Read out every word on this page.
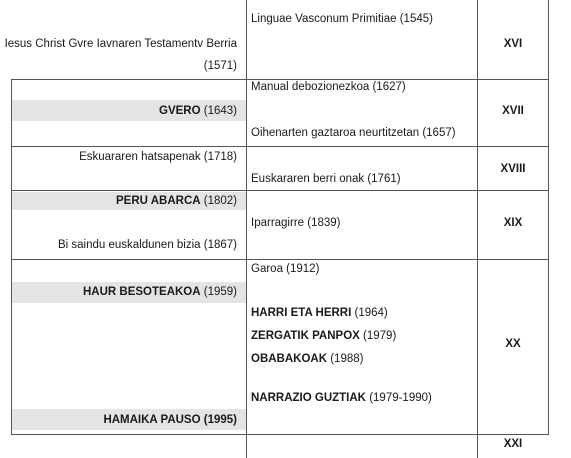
Linguae Vasconum Primitiae (1545)
Iesus Christ Gvre Iavnaren Testamentv Berria
(1571)
XVI
Manual debozionezkoa (1627)
GVERO (1643)
Oihenarten gaztaroa neurtitzetan (1657)
XVII
Eskuararen hatsapenak (1718)
Euskararen berri onak (1761)
XVIII
PERU ABARCA (1802)
Iparragirre (1839)
Bi saindu euskaldunen bizia (1867)
XIX
Garoa (1912)
HAUR BESOTEAKOA (1959)
HARRI ETA HERRI (1964)
ZERGATIK PANPOX (1979)
OBABAKOAK (1988)
NARRAZIO GUZTIAK (1979-1990)
HAMAIKA PAUSO (1995)
XX
XXI
